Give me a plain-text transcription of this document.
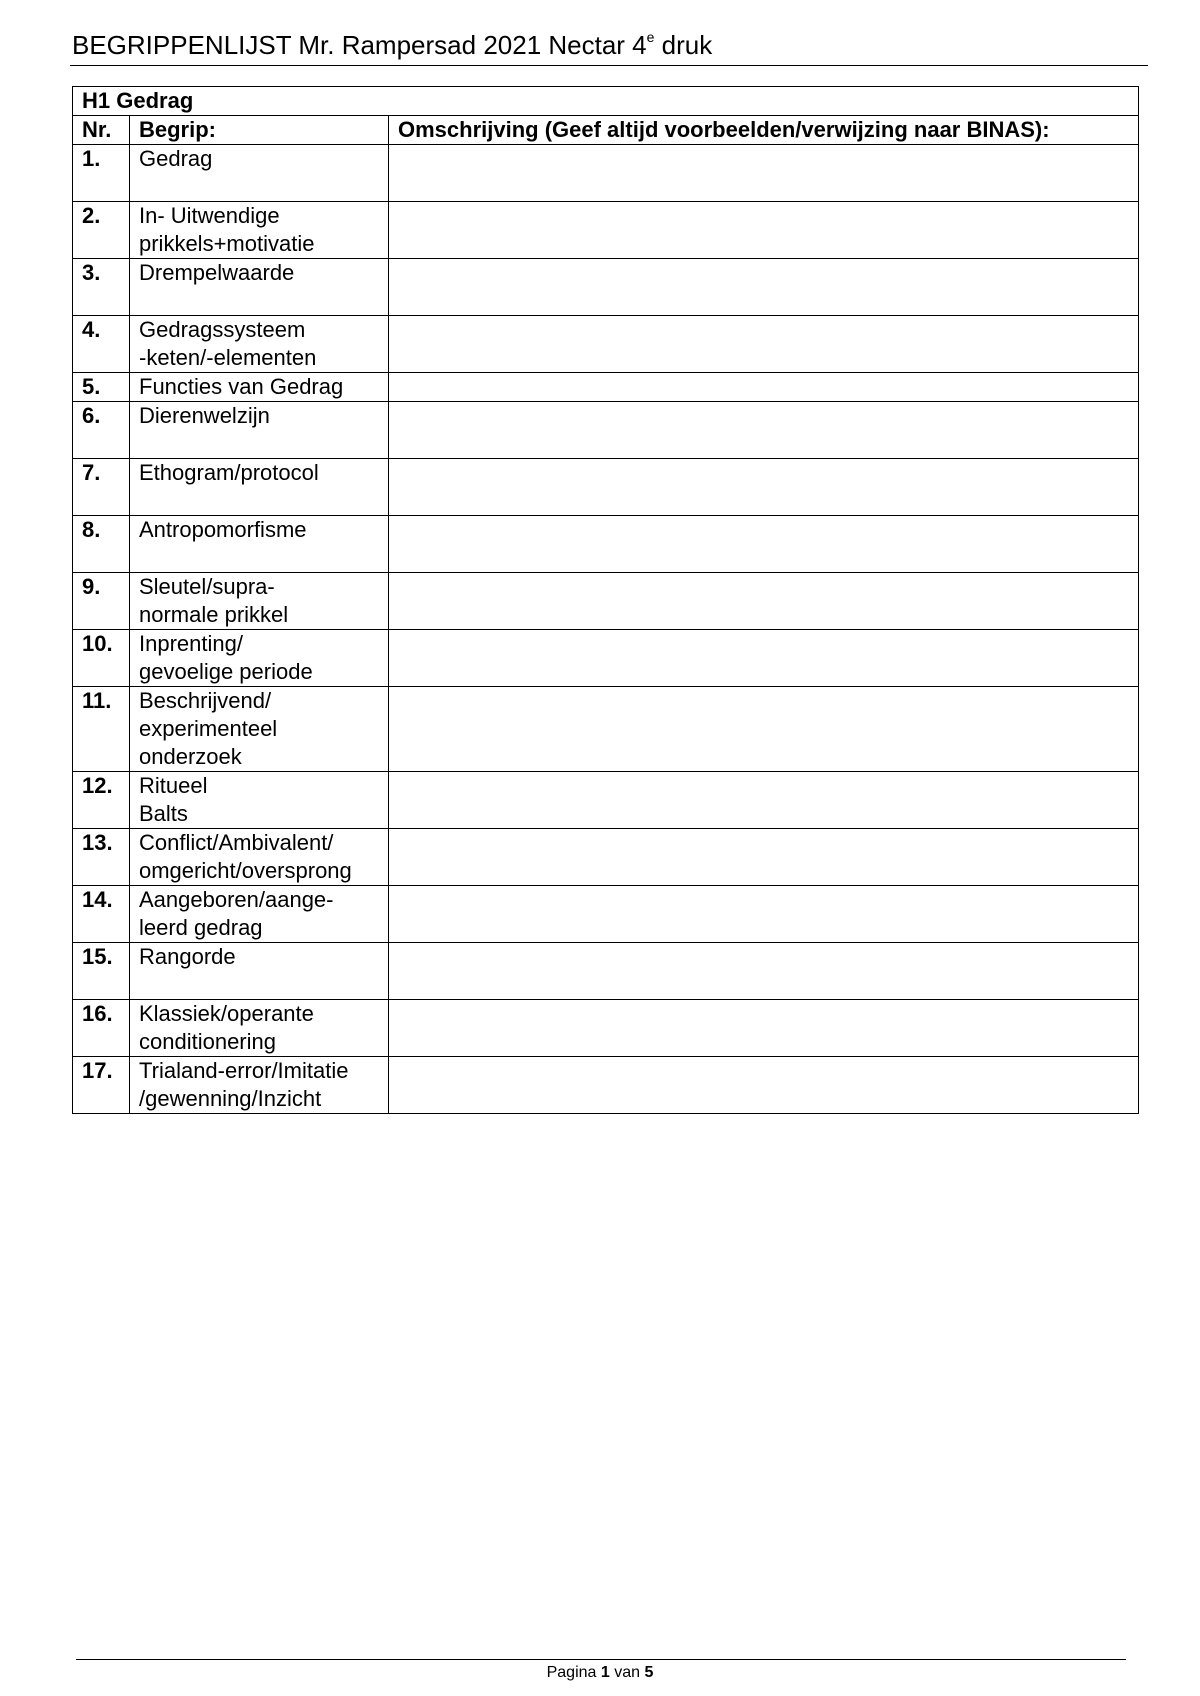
BEGRIPPENLIJST Mr. Rampersad 2021 Nectar 4e druk
H1 Gedrag		
Nr.	Begrip:	Omschrijving (Geef altijd voorbeelden/verwijzing naar BINAS):
1.	Gedrag	
2.	In- Uitwendige
prikkels+motivatie	
3.	Drempelwaarde	
4.	Gedragssysteem
-keten/-elementen	
5.	Functies van Gedrag	
6.	Dierenwelzijn	
7.	Ethogram/protocol	
8.	Antropomorfisme	
9.	Sleutel/supra-
normale prikkel	
10.	Inprenting/
gevoelige periode	
11.	Beschrijvend/
experimenteel
onderzoek	
12.	Ritueel
Balts	
13.	Conflict/Ambivalent/
omgericht/oversprong	
14.	Aangeboren/aange-
leerd gedrag	
15.	Rangorde	
16.	Klassiek/operante
conditionering	
17.	Trialand-error/Imitatie
/gewenning/Inzicht	
Pagina 1 van 5
